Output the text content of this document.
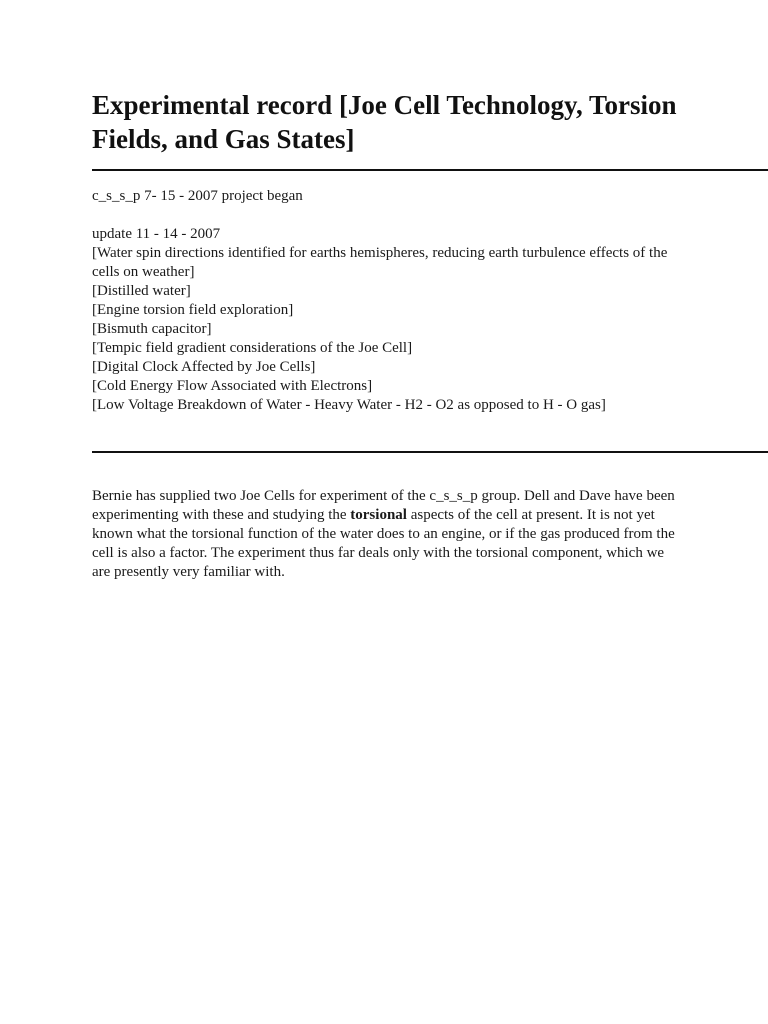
Experimental record [Joe Cell Technology, Torsion Fields, and Gas States]
c_s_s_p 7- 15 - 2007 project began
update 11 - 14 - 2007
[Water spin directions identified for earths hemispheres, reducing earth turbulence effects of the cells on weather]
[Distilled water]
[Engine torsion field exploration]
[Bismuth capacitor]
[Tempic field gradient considerations of the Joe Cell]
[Digital Clock Affected by Joe Cells]
[Cold Energy Flow Associated with Electrons]
[Low Voltage Breakdown of Water - Heavy Water - H2 - O2 as opposed to H - O gas]

Bernie has supplied two Joe Cells for experiment of the c_s_s_p group. Dell and Dave have been experimenting with these and studying the torsional aspects of the cell at present. It is not yet known what the torsional function of the water does to an engine, or if the gas produced from the cell is also a factor. The experiment thus far deals only with the torsional component, which we are presently very familiar with.
